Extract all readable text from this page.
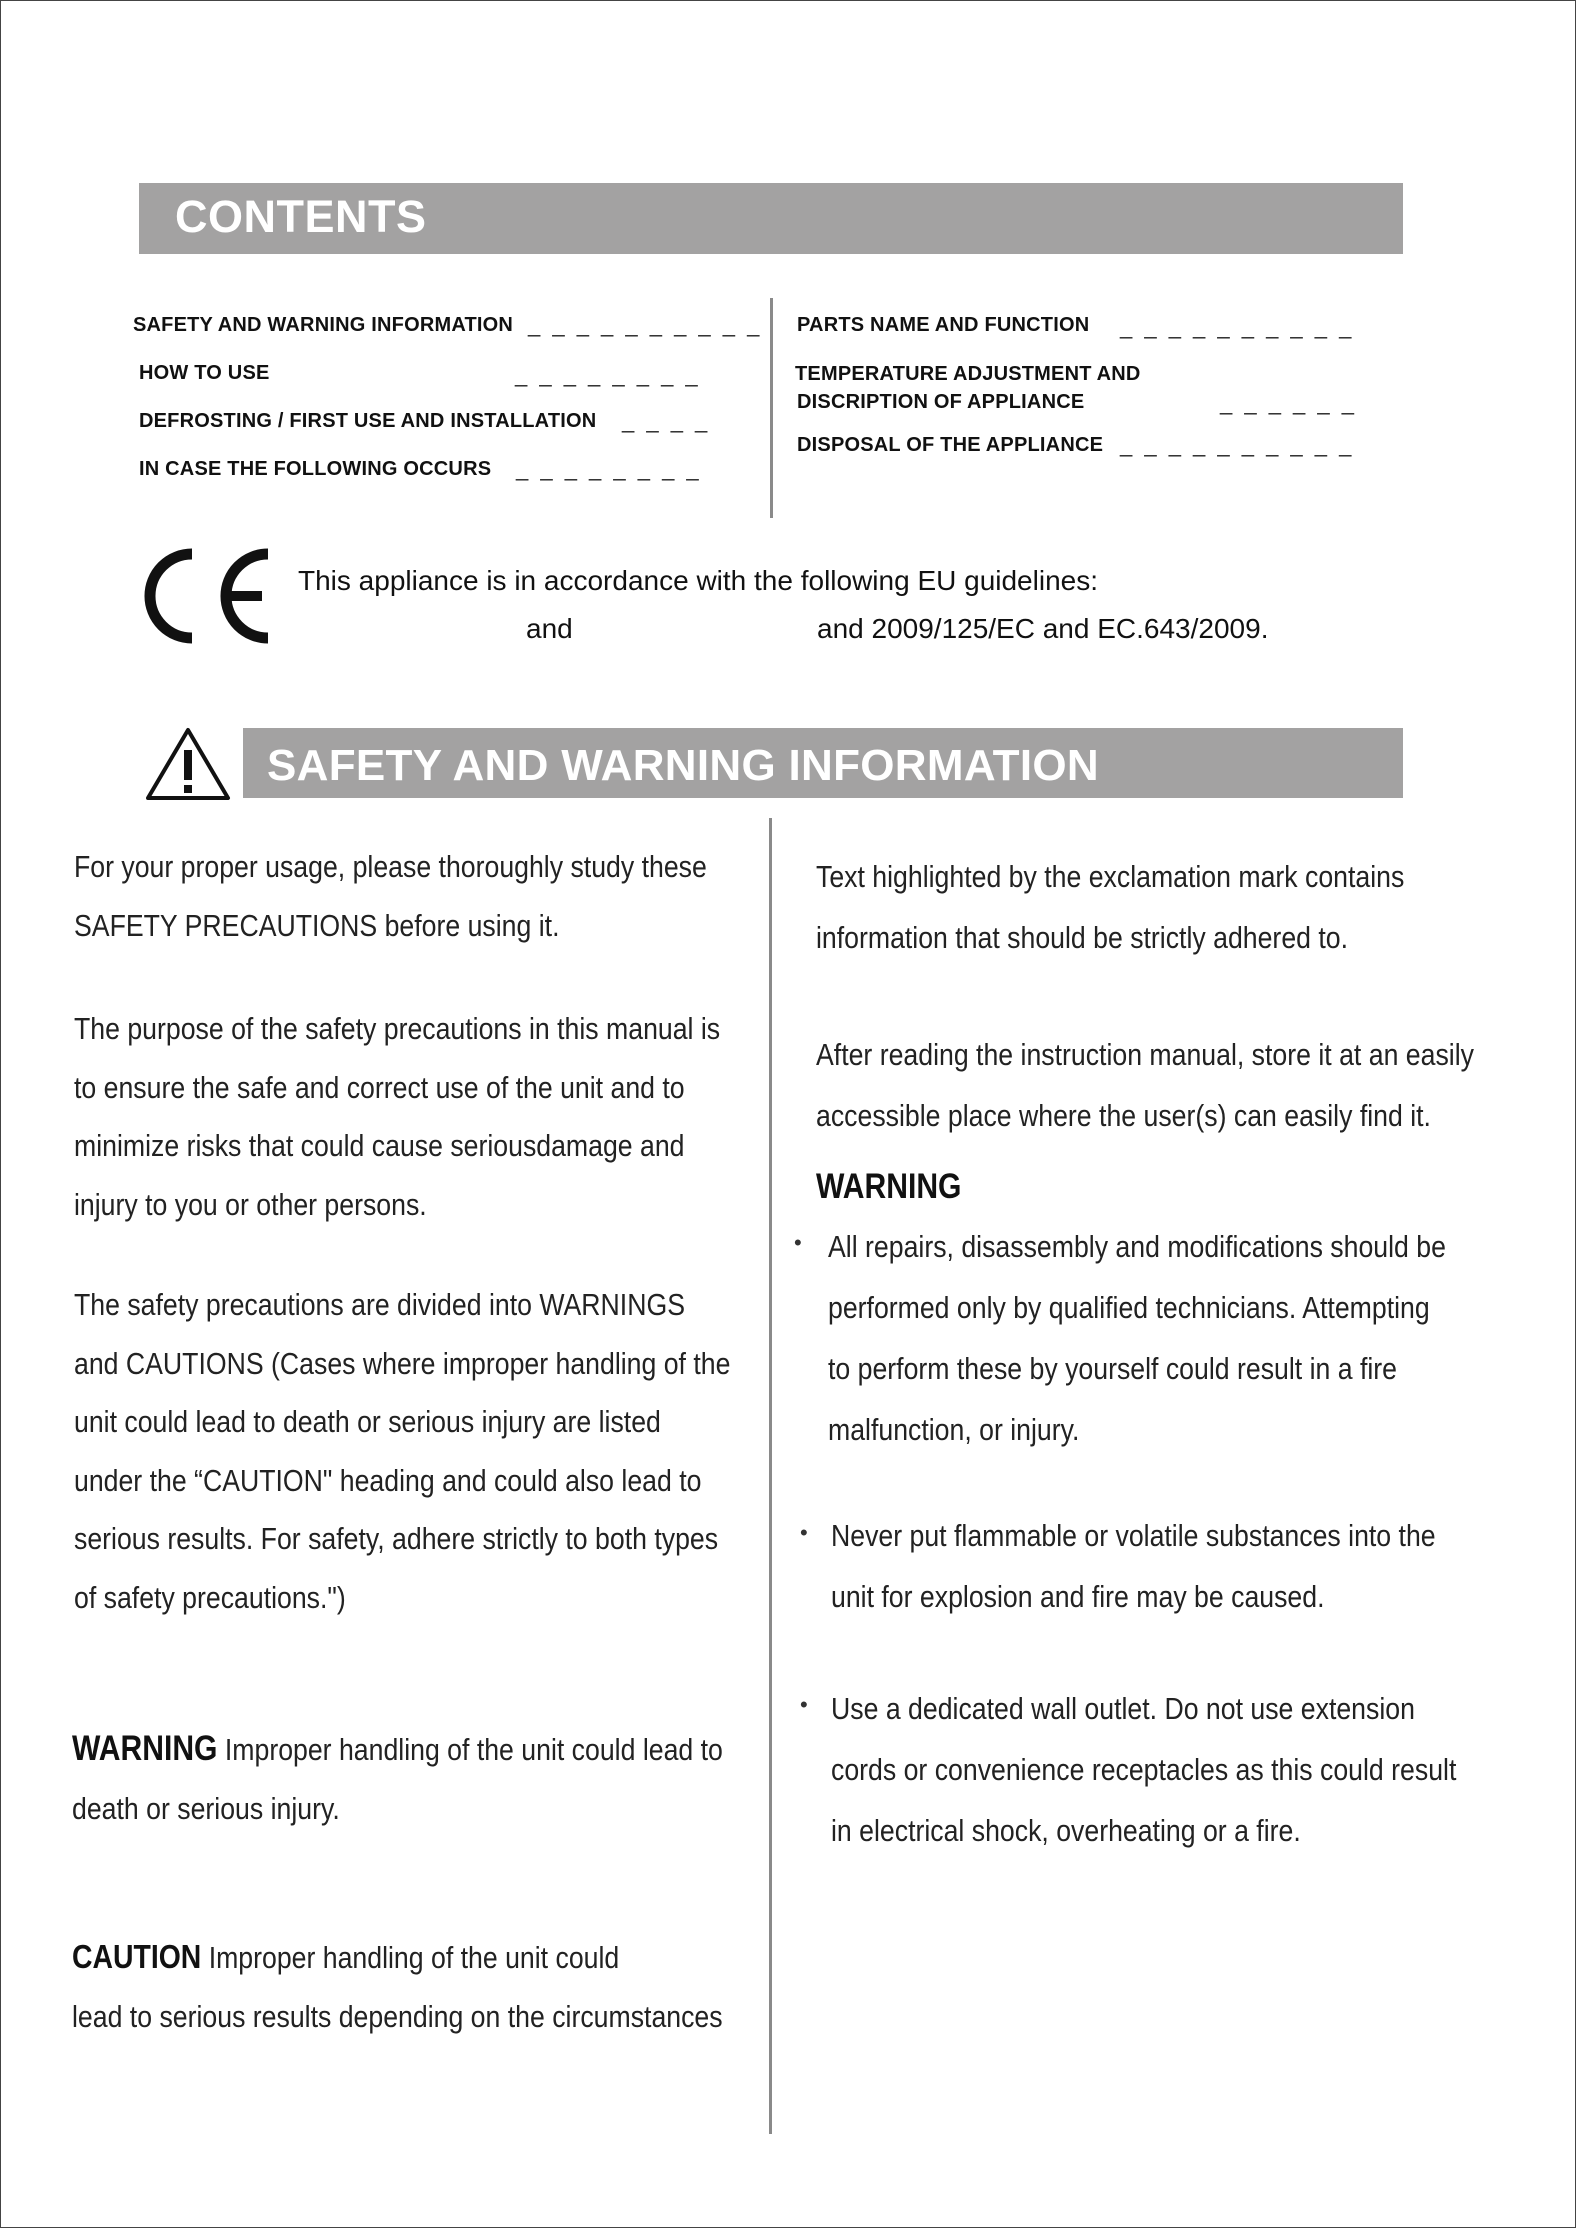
CONTENTS
SAFETY AND WARNING INFORMATION _ _ _ _ _ _ _ _ _ _
HOW TO USE	_ _ _ _ _ _ _ _
DEFROSTING / FIRST USE AND INSTALLATION _ _ _ _
IN CASE THE FOLLOWING OCCURS _ _ _ _ _ _ _ _
PARTS NAME AND FUNCTION _ _ _ _ _ _ _ _ _ _
TEMPERATURE ADJUSTMENT AND
DISCRIPTION OF APPLIANCE	_ _ _ _ _ _
DISPOSAL OF THE APPLIANCE _ _ _ _ _ _ _ _ _ _
This appliance is in accordance with the following EU guidelines:
and	and 2009/125/EC and EC.643/2009.
SAFETY AND WARNING INFORMATION
For your proper usage, please thoroughly study these
SAFETY PRECAUTIONS before using it.
The purpose of the safety precautions in this manual is
to ensure the safe and correct use of the unit and to
minimize risks that could cause seriousdamage and
injury to you or other persons.
The safety precautions are divided into WARNINGS
and CAUTIONS (Cases where improper handling of the
unit could lead to death or serious injury are listed
under the “CAUTION" heading and could also lead to
serious results. For safety, adhere strictly to both types
of safety precautions.")
WARNING Improper handling of the unit could lead to
death or serious injury.
CAUTION Improper handling of the unit could
lead to serious results depending on the circumstances
Text highlighted by the exclamation mark contains
information that should be strictly adhered to.
After reading the instruction manual, store it at an easily
accessible place where the user(s) can easily find it.
WARNING
• All repairs, disassembly and modifications should be
performed only by qualified technicians. Attempting
to perform these by yourself could result in a fire
malfunction, or injury.
• Never put flammable or volatile substances into the
unit for explosion and fire may be caused.
• Use a dedicated wall outlet. Do not use extension
cords or convenience receptacles as this could result
in electrical shock, overheating or a fire.
